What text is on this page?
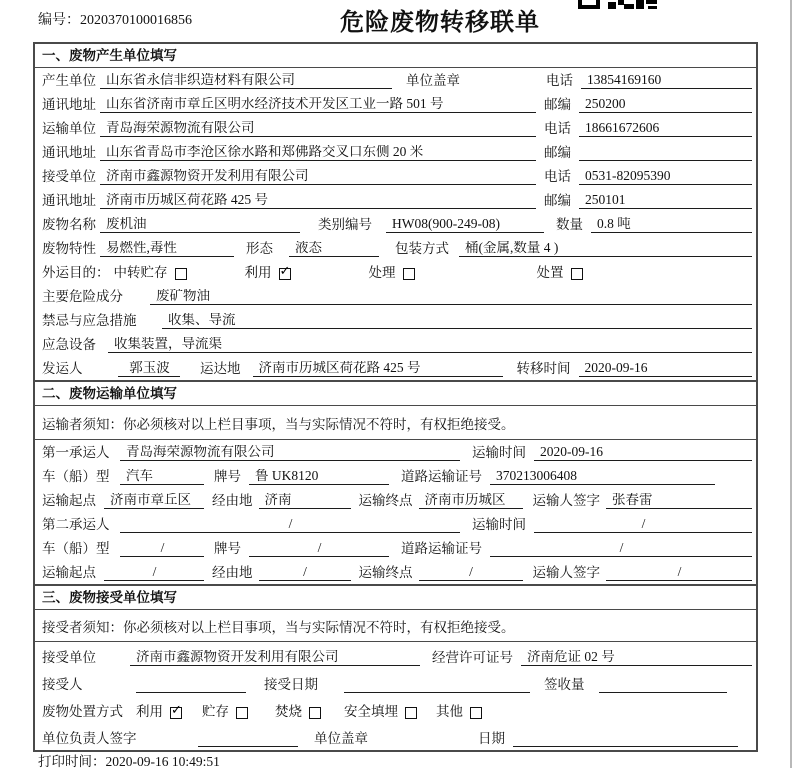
编号：2020370100016856	危险废物转移联单
一、废物产生单位填写
产生单位 山东省永信非织造材料有限公司	单位盖章	电话	13854169160
通讯地址 山东省济南市章丘区明水经济技术开发区工业一路 501 号	邮编	250200
运输单位 青岛海荣源物流有限公司	电话	18661672606
通讯地址 山东省青岛市李沧区徐水路和郑佛路交叉口东侧 20 米	邮编
接受单位 济南市鑫源物资开发利用有限公司	电话	0531-82095390
通讯地址 济南市历城区荷花路 425 号	邮编	250101
废物名称 废机油	类别编号	HW08(900-249-08)	数量	0.8 吨
废物特性 易燃性,毒性	形态	液态	包装方式	桶(金属,数量 4 )
外运目的： 中转贮存	利用 ✓	处理	处置
主要危险成分	废矿物油
禁忌与应急措施	收集、导流
应急设备	收集装置，导流渠
发运人	郭玉波	运达地	济南市历城区荷花路 425 号	转移时间	2020-09-16
二、废物运输单位填写
运输者须知：你必须核对以上栏目事项，当与实际情况不符时，有权拒绝接受。
第一承运人	青岛海荣源物流有限公司	运输时间	2020-09-16
车（船）型	汽车	牌号	鲁 UK8120	道路运输证号	370213006408
运输起点	济南市章丘区	经由地 济南	运输终点 济南市历城区	运输人签字 张春雷
第二承运人	/	运输时间	/
车（船）型	/	牌号	/	道路运输证号	/
运输起点	/	经由地	/	运输终点	/	运输人签字	/
三、废物接受单位填写
接受者须知：你必须核对以上栏目事项，当与实际情况不符时，有权拒绝接受。
接受单位	济南市鑫源物资开发利用有限公司	经营许可证号	济南危证 02 号
接受人	接受日期	签收量
废物处置方式 利用 ✓	贮存	焚烧	安全填埋	其他
单位负责人签字	单位盖章	日期
打印时间：2020-09-16 10:49:51
